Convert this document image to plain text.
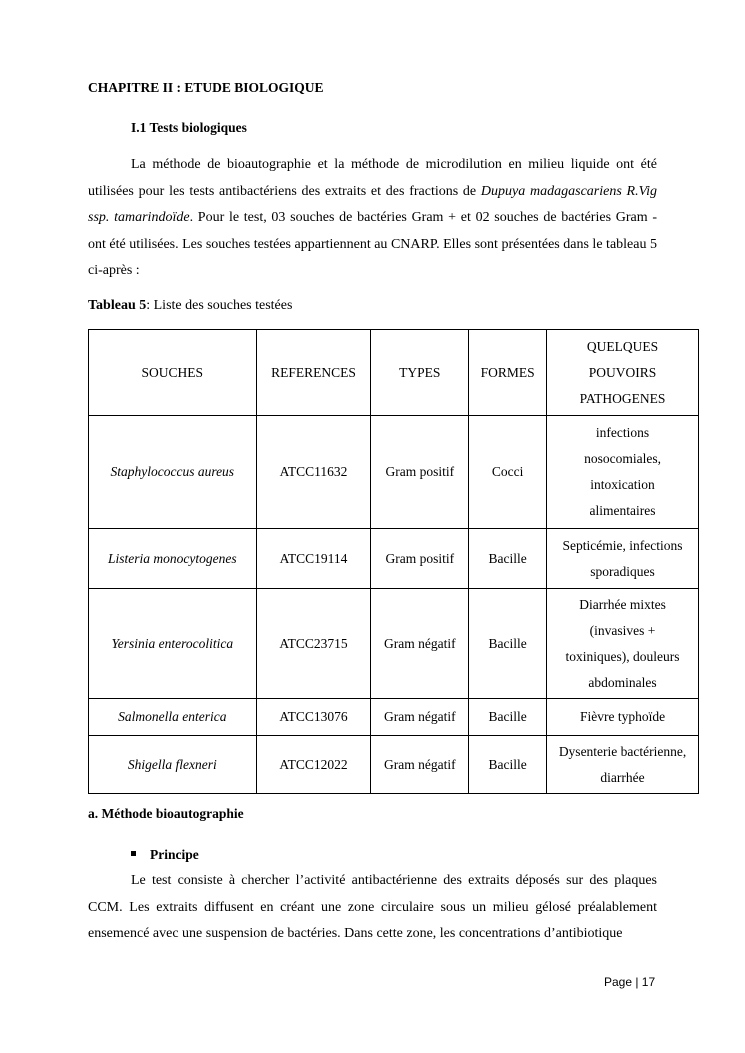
CHAPITRE II : ETUDE BIOLOGIQUE
I.1 Tests biologiques
La méthode de bioautographie et la méthode de microdilution en milieu liquide ont été utilisées pour les tests antibactériens des extraits et des fractions de Dupuya madagascariens R.Vig ssp. tamarindoïde. Pour le test, 03 souches de bactéries Gram + et 02 souches de bactéries Gram - ont été utilisées. Les souches testées appartiennent au CNARP. Elles sont présentées dans le tableau 5 ci-après :
Tableau 5: Liste des souches testées
SOUCHES	REFERENCES	TYPES	FORMES	QUELQUES POUVOIRS PATHOGENES
Staphylococcus aureus	ATCC11632	Gram positif	Cocci	infections nosocomiales, intoxication alimentaires
Listeria monocytogenes	ATCC19114	Gram positif	Bacille	Septicémie, infections sporadiques
Yersinia enterocolitica	ATCC23715	Gram négatif	Bacille	Diarrhée mixtes (invasives + toxiniques), douleurs abdominales
Salmonella enterica	ATCC13076	Gram négatif	Bacille	Fièvre typhoïde
Shigella flexneri	ATCC12022	Gram négatif	Bacille	Dysenterie bactérienne, diarrhée
a. Méthode bioautographie
Principe
Le test consiste à chercher l’activité antibactérienne des extraits déposés sur des plaques CCM. Les extraits diffusent en créant une zone circulaire sous un milieu gélosé préalablement ensemencé avec une suspension de bactéries. Dans cette zone, les concentrations d’antibiotique
Page | 17
